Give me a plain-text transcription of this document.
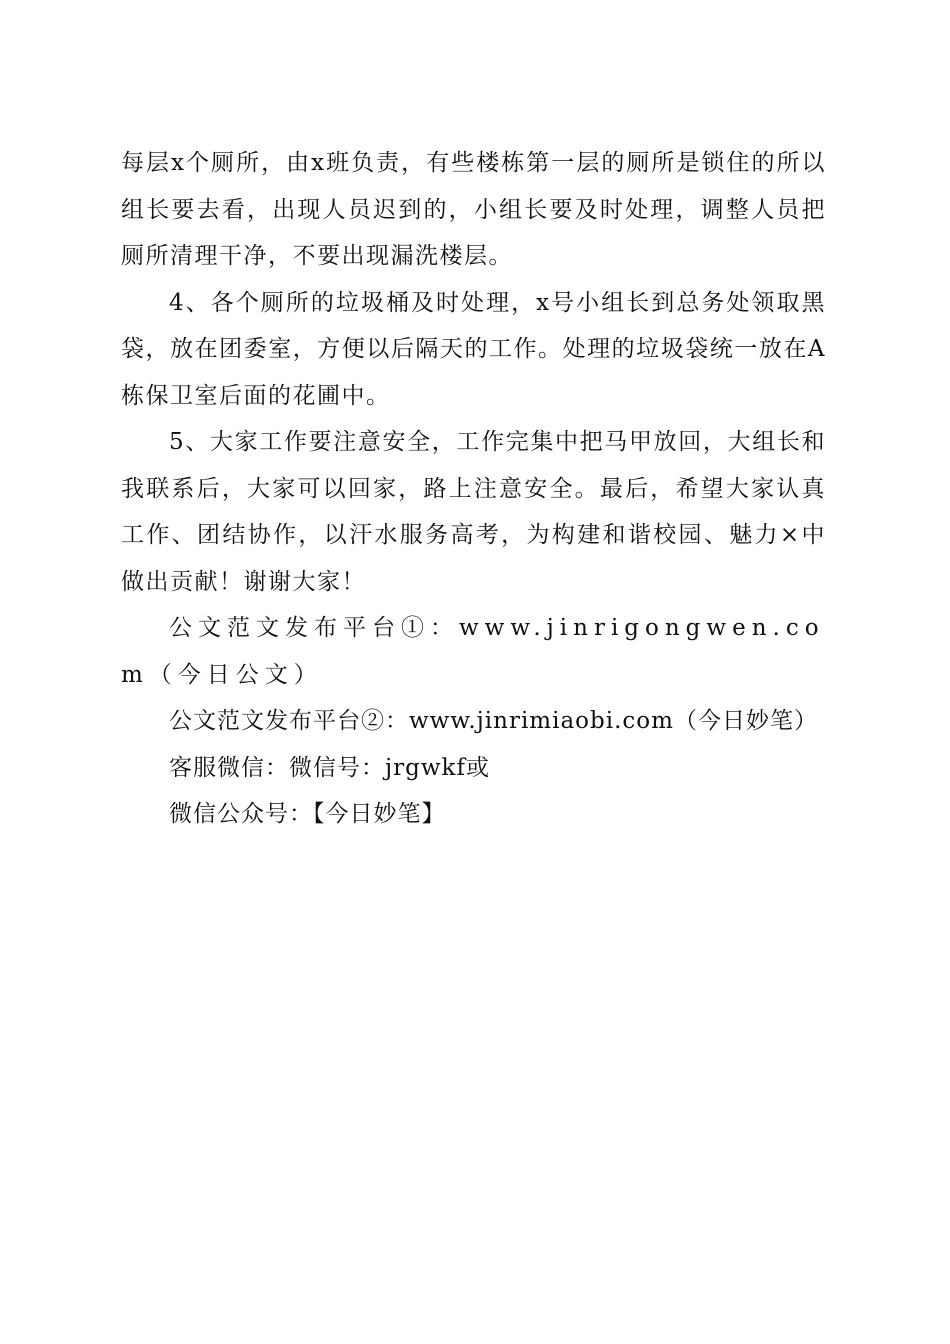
每层x个厕所，由x班负责，有些楼栋第一层的厕所是锁住的所以组长要去看，出现人员迟到的，小组长要及时处理，调整人员把厕所清理干净，不要出现漏洗楼层。

4、各个厕所的垃圾桶及时处理，x号小组长到总务处领取黑袋，放在团委室，方便以后隔天的工作。处理的垃圾袋统一放在A栋保卫室后面的花圃中。

5、大家工作要注意安全，工作完集中把马甲放回，大组长和我联系后，大家可以回家，路上注意安全。最后，希望大家认真工作、团结协作，以汗水服务高考，为构建和谐校园、魅力×中做出贡献！谢谢大家！

公文范文发布平台①：www.jinrigongwen.com（今日公文）

公文范文发布平台②：www.jinrimiaobi.com（今日妙笔）

客服微信：微信号：jrgwkf或

微信公众号：【今日妙笔】
